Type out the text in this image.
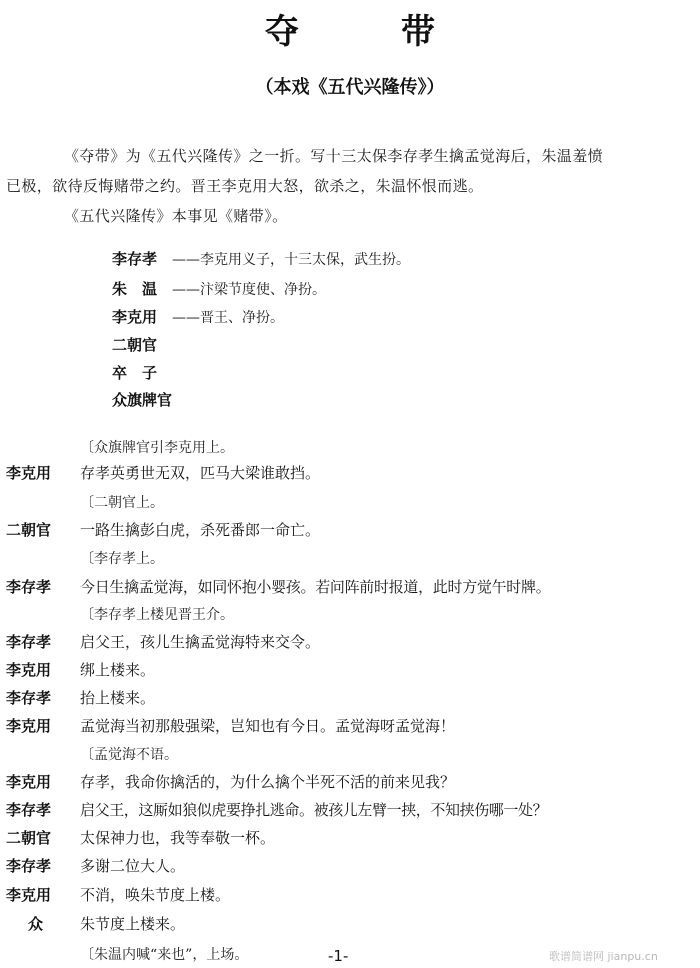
夺　带
（本戏《五代兴隆传》）
《夺带》为《五代兴隆传》之一折。写十三太保李存孝生擒孟觉海后，朱温羞愤
已极，欲待反悔赌带之约。晋王李克用大怒，欲杀之，朱温怀恨而逃。
《五代兴隆传》本事见《赌带》。
李存孝 ——李克用义子，十三太保，武生扮。
朱　温 ——汴梁节度使、净扮。
李克用 ——晋王、净扮。
二朝官
卒　子
众旗牌官
〔众旗牌官引李克用上。
李克用	存孝英勇世无双，匹马大梁谁敢挡。
〔二朝官上。
二朝官	一路生擒彭白虎，杀死番郎一命亡。
〔李存孝上。
李存孝	今日生擒孟觉海，如同怀抱小婴孩。若问阵前时报道，此时方觉午时牌。
〔李存孝上楼见晋王介。
李存孝	启父王，孩儿生擒孟觉海特来交令。
李克用	绑上楼来。
李存孝	抬上楼来。
李克用	孟觉海当初那般强梁，岂知也有今日。孟觉海呀孟觉海！
〔孟觉海不语。
李克用	存孝，我命你擒活的，为什么擒个半死不活的前来见我？
李存孝	启父王，这厮如狼似虎要挣扎逃命。被孩儿左臂一挟，不知挟伤哪一处？
二朝官	太保神力也，我等奉敬一杯。
李存孝	多谢二位大人。
李克用	不消，唤朱节度上楼。
众	朱节度上楼来。
〔朱温内喊“来也”，上场。	-1-	歌谱简谱网 jianpu.cn
